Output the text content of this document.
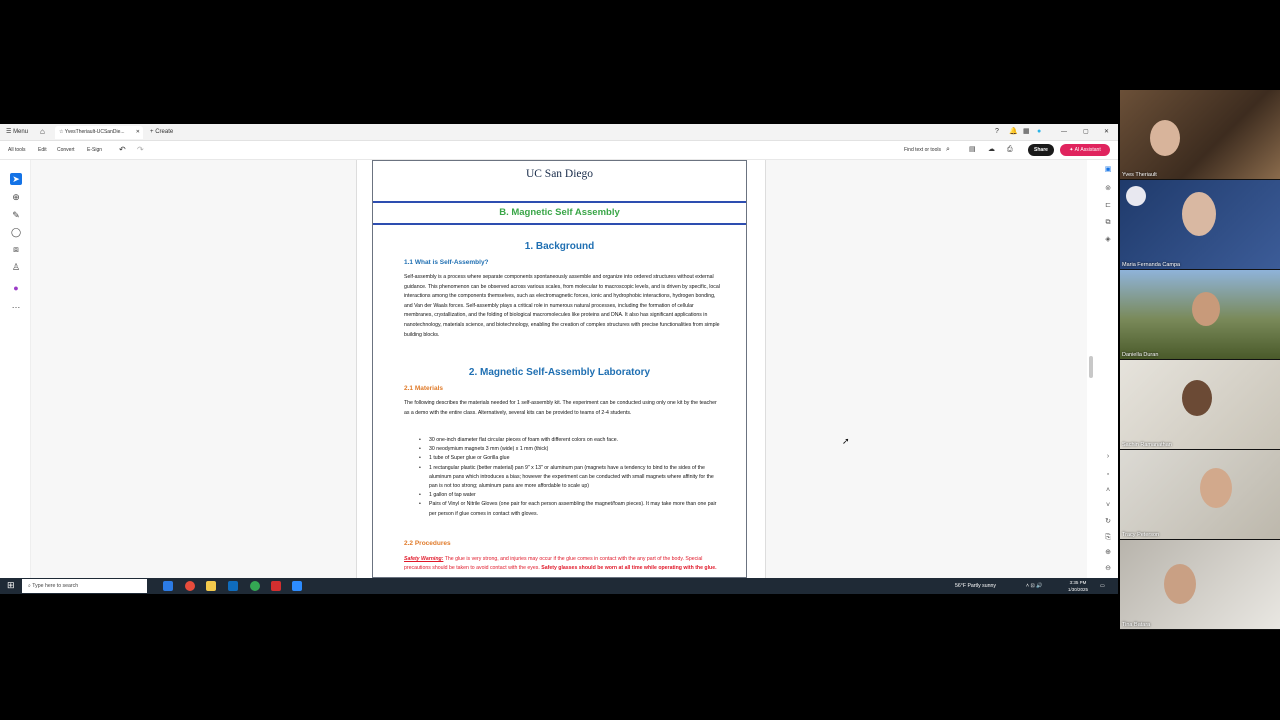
☰ Menu ⌂	☆ YvesTheriault-UCSanDie... ✕ + Create	? 🔔 ▦ ●	—	▢	✕
All tools Edit Convert E-Sign ↶ ↷	Find text or tools ⌕	▤ ☁ ⎙	Share	✦ AI Assistant
➤
⊕
✎
◯
⧈
♙
●
…
UC San Diego
B. Magnetic Self Assembly
1. Background
1.1 What is Self-Assembly?
Self-assembly is a process where separate components spontaneously assemble and organize into ordered structures without external guidance. This phenomenon can be observed across various scales, from molecular to macroscopic levels, and is driven by specific, local interactions among the components themselves, such as electromagnetic forces, ionic and hydrophobic interactions, hydrogen bonding, and Van der Waals forces. Self-assembly plays a critical role in numerous natural processes, including the formation of cellular membranes, crystallization, and the folding of biological macromolecules like proteins and DNA. It also has significant applications in nanotechnology, materials science, and biotechnology, enabling the creation of complex structures with precise functionalities from simple building blocks.
2. Magnetic Self-Assembly Laboratory
2.1 Materials
The following describes the materials needed for 1 self-assembly kit. The experiment can be conducted using only one kit by the teacher as a demo with the entire class. Alternatively, several kits can be provided to teams of 2-4 students.
• 30 one-inch diameter flat circular pieces of foam with different colors on each face.
• 30 neodymium magnets 3 mm (wide) x 1 mm (thick)
• 1 tube of Super glue or Gorilla glue
• 1 rectangular plastic (better material) pan 9" x 13" or aluminum pan (magnets have a tendency to bind to the sides of the aluminum pans which introduces a bias; however the experiment can be conducted with small magnets where affinity for the pan is not too strong; aluminum pans are more affordable to scale up)
• 1 gallon of tap water
• Pairs of Vinyl or Nitrile Gloves (one pair for each person assembling the magnet/foam pieces). It may take more than one pair per person if glue comes in contact with gloves.
2.2 Procedures
Safety Warning: The glue is very strong, and injuries may occur if the glue comes in contact with the any part of the body. Special precautions should be taken to avoid contact with the eyes. Safety glasses should be worn at all time while operating with the glue.
▣
⊚
⊏
⧉
◈
›
▫
˄
˅
↻
⎘
⊕
⊖
➚
⊞	⌕ Type here to search	56°F Partly sunny	˄ ⊡ 🔊
3:35 PM
1/30/2025
▭
Yves Theriault
Maria Fernanda Campa
Daniella Duran
Sachin Ramanathan
Tracy Peterson
Tina Batara
